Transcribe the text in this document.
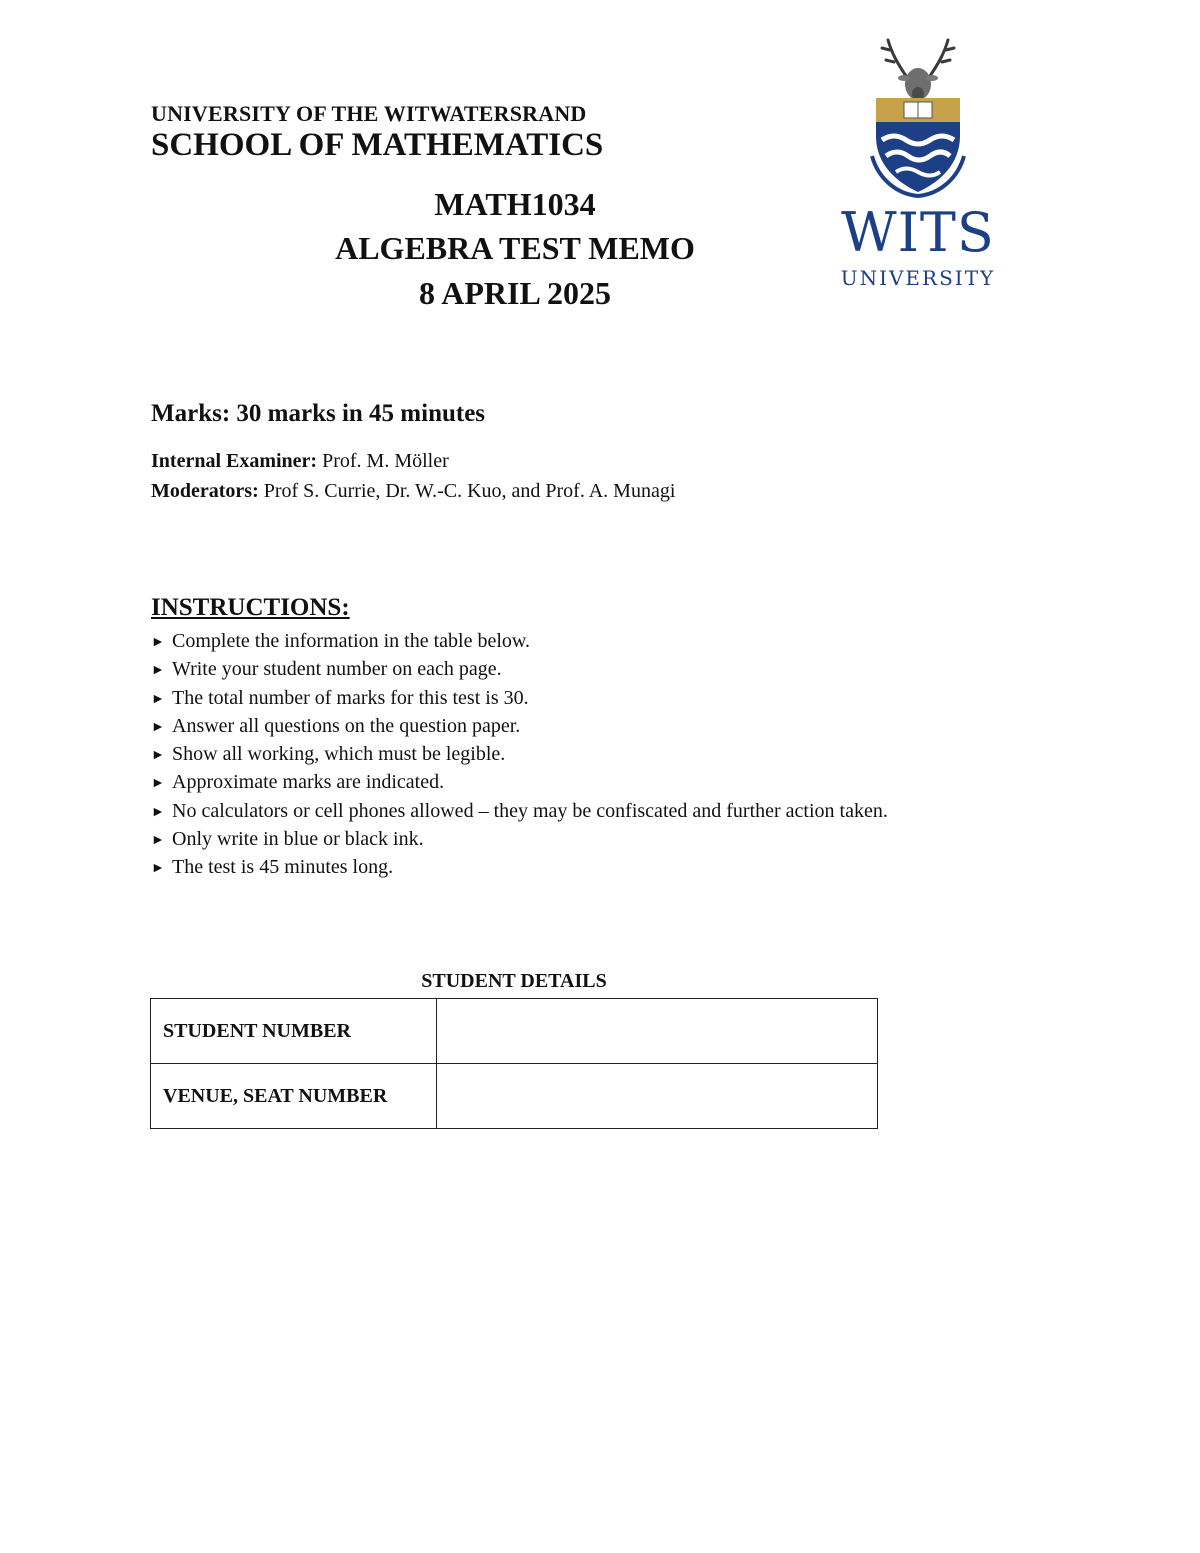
UNIVERSITY OF THE WITWATERSRAND
SCHOOL OF MATHEMATICS
MATH1034
ALGEBRA TEST MEMO
8 APRIL 2025
WITS
UNIVERSITY
Marks: 30 marks in 45 minutes
Internal Examiner: Prof. M. Möller
Moderators: Prof S. Currie, Dr. W.-C. Kuo, and Prof. A. Munagi
INSTRUCTIONS:
► Complete the information in the table below.
► Write your student number on each page.
► The total number of marks for this test is 30.
► Answer all questions on the question paper.
► Show all working, which must be legible.
► Approximate marks are indicated.
► No calculators or cell phones allowed – they may be confiscated and further action taken.
► Only write in blue or black ink.
► The test is 45 minutes long.
STUDENT DETAILS
STUDENT NUMBER	
VENUE, SEAT NUMBER	
